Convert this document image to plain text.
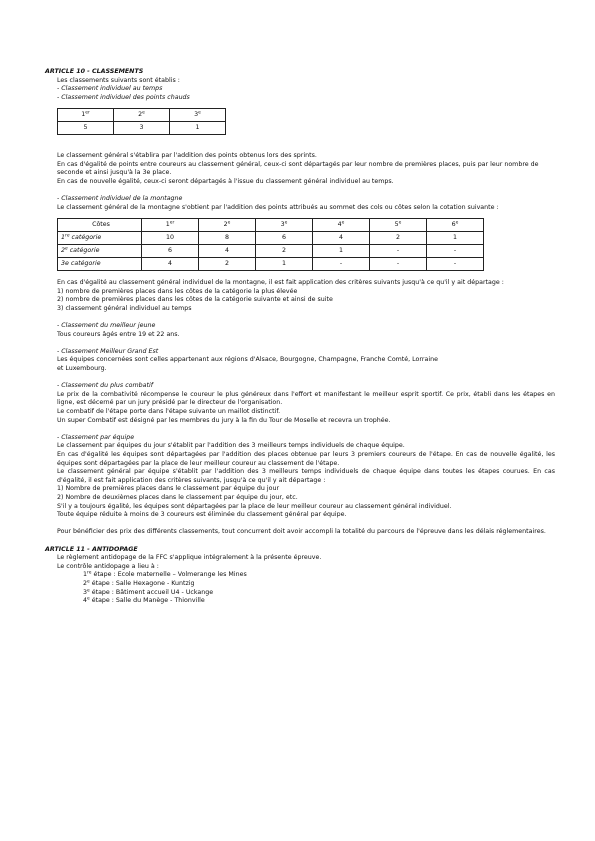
ARTICLE 10 - CLASSEMENTS

Les classements suivants sont établis :

- Classement individuel au temps

- Classement individuel des points chauds

1er	2e	3e
5	3	1

Le classement général s'établira par l'addition des points obtenus lors des sprints.

En cas d'égalité de points entre coureurs au classement général, ceux-ci sont départagés par leur nombre de premières places, puis par leur nombre de seconde et ainsi jusqu'à la 3e place.

En cas de nouvelle égalité, ceux-ci seront départagés à l'issue du classement général individuel au temps.

- Classement individuel de la montagne

Le classement général de la montagne s'obtient par l'addition des points attribués au sommet des cols ou côtes selon la cotation suivante :

Côtes	1er	2e	3e	4e	5e	6e
1re catégorie	10	8	6	4	2	1
2e catégorie	6	4	2	1	-	-
3e catégorie	4	2	1	-	-	-

En cas d'égalité au classement général individuel de la montagne, il est fait application des critères suivants jusqu'à ce qu'il y ait départage :

1) nombre de premières places dans les côtes de la catégorie la plus élevée

2) nombre de premières places dans les côtes de la catégorie suivante et ainsi de suite

3) classement général individuel au temps

- Classement du meilleur jeune

Tous coureurs âgés entre 19 et 22 ans.

- Classement Meilleur Grand Est

Les équipes concernées sont celles appartenant aux régions d'Alsace, Bourgogne, Champagne, Franche Comté, Lorraine

et Luxembourg.

- Classement du plus combatif

Le prix de la combativité récompense le coureur le plus généreux dans l'effort et manifestant le meilleur esprit sportif. Ce prix, établi dans les étapes en ligne, est décerné par un jury présidé par le directeur de l'organisation.

Le combatif de l'étape porte dans l'étape suivante un maillot distinctif.

Un super Combatif est désigné par les membres du jury à la fin du Tour de Moselle et recevra un trophée.

- Classement par équipe

Le classement par équipes du jour s'établit par l'addition des 3 meilleurs temps individuels de chaque équipe.

En cas d'égalité les équipes sont départagées par l'addition des places obtenue par leurs 3 premiers coureurs de l'étape. En cas de nouvelle égalité, les équipes sont départagées par la place de leur meilleur coureur au classement de l'étape.

Le classement général par équipe s'établit par l'addition des 3 meilleurs temps individuels de chaque équipe dans toutes les étapes courues. En cas d'égalité, il est fait application des critères suivants, jusqu'à ce qu'il y ait départage :

1) Nombre de premières places dans le classement par équipe du jour

2) Nombre de deuxièmes places dans le classement par équipe du jour, etc.

S'il y a toujours égalité, les équipes sont départagées par la place de leur meilleur coureur au classement général individuel.

Toute équipe réduite à moins de 3 coureurs est éliminée du classement général par équipe.

Pour bénéficier des prix des différents classements, tout concurrent doit avoir accompli la totalité du parcours de l'épreuve dans les délais réglementaires.

ARTICLE 11 - ANTIDOPAGE

Le règlement antidopage de la FFC s'applique intégralement à la présente épreuve.

Le contrôle antidopage a lieu à :

1re étape : Ecole maternelle – Volmerange les Mines

2e étape : Salle Hexagone - Kuntzig

3e étape : Bâtiment accueil U4 - Uckange

4e étape : Salle du Manège - Thionville
